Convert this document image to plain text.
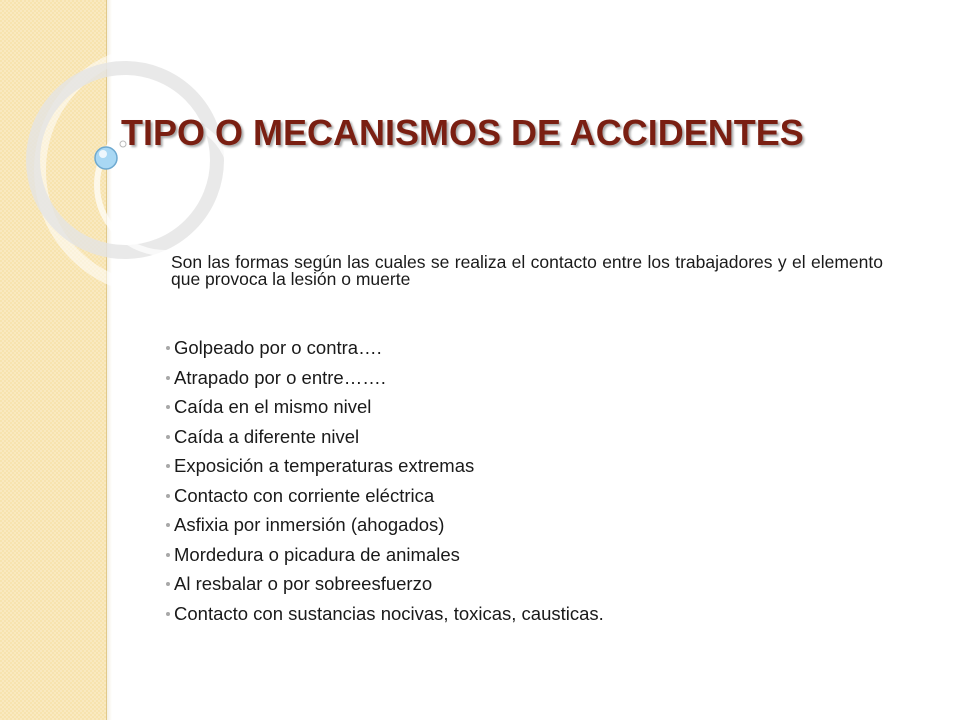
TIPO O MECANISMOS DE ACCIDENTES

Son las formas según las cuales se realiza el contacto entre los trabajadores y el elemento que provoca la lesión o muerte

Golpeado por o contra….
Atrapado por o entre…….
Caída en el mismo nivel
Caída a diferente nivel
Exposición a temperaturas extremas
Contacto con corriente eléctrica
Asfixia por inmersión (ahogados)
Mordedura o picadura de animales
Al resbalar o por sobreesfuerzo
Contacto con sustancias nocivas, toxicas, causticas.
